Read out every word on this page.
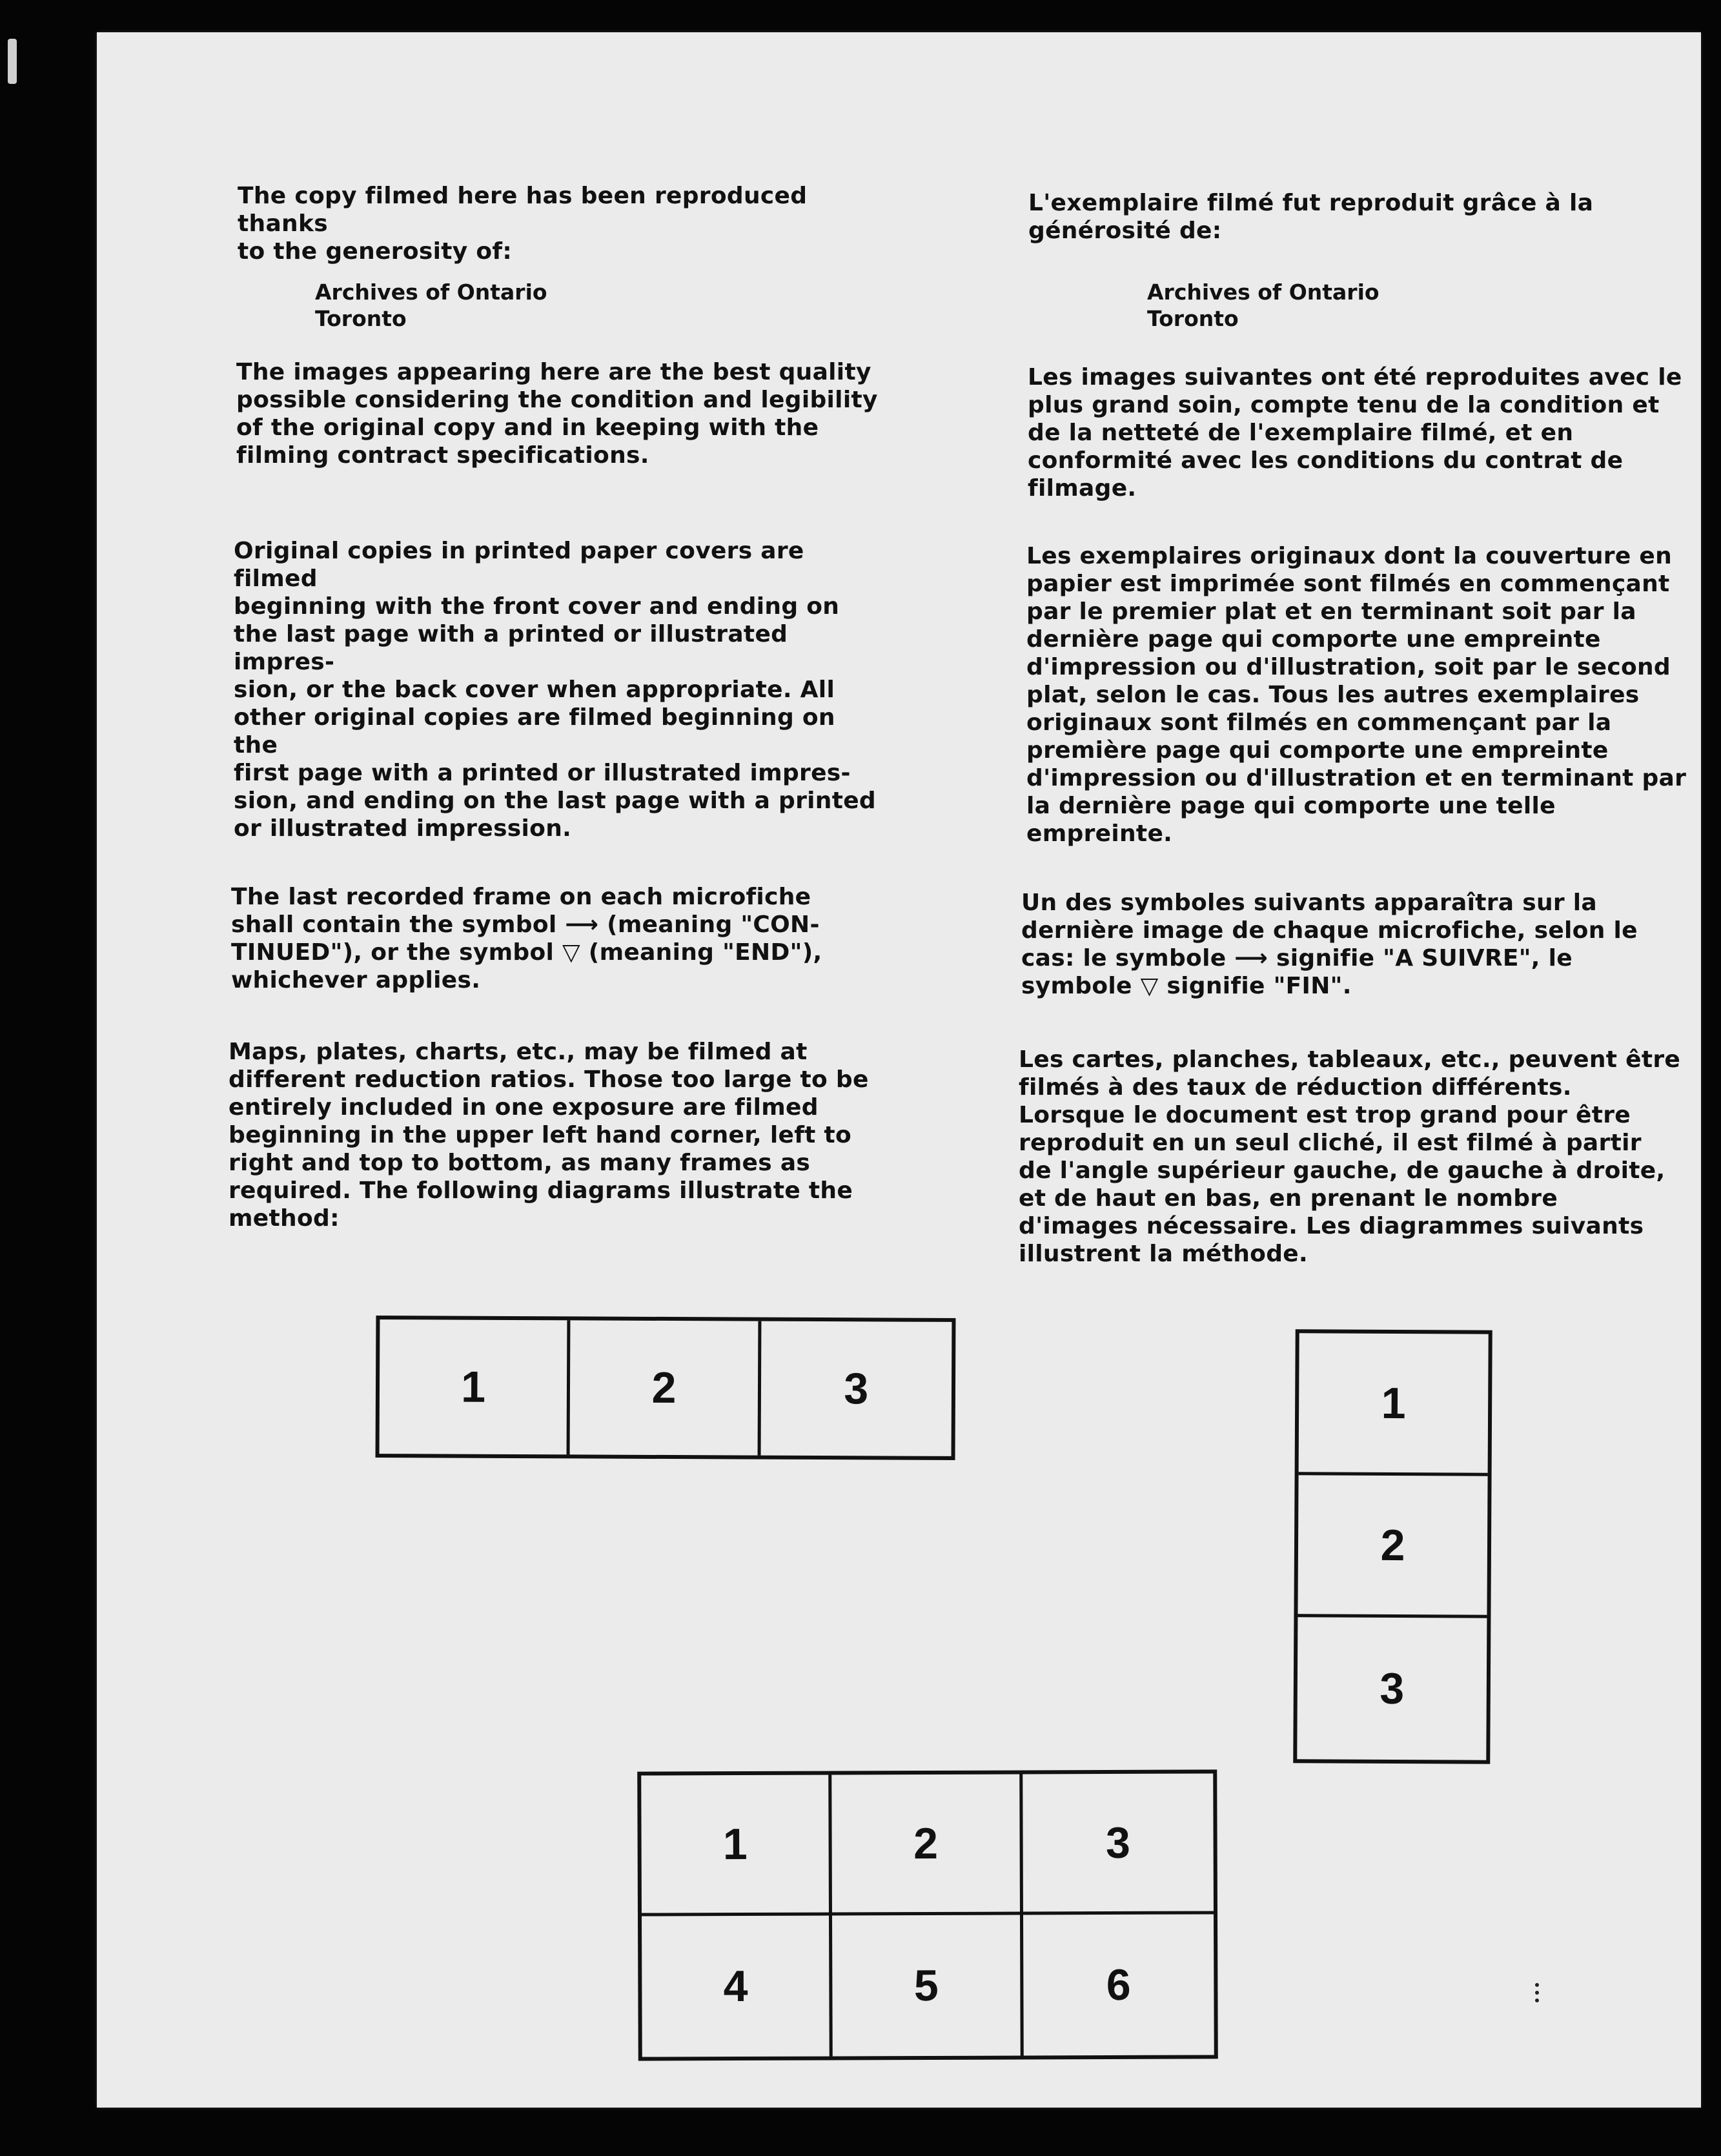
The copy filmed here has been reproduced thanks
to the generosity of:

Archives of Ontario
Toronto

The images appearing here are the best quality
possible considering the condition and legibility
of the original copy and in keeping with the
filming contract specifications.

Original copies in printed paper covers are filmed
beginning with the front cover and ending on
the last page with a printed or illustrated impres-
sion, or the back cover when appropriate. All
other original copies are filmed beginning on the
first page with a printed or illustrated impres-
sion, and ending on the last page with a printed
or illustrated impression.

The last recorded frame on each microfiche
shall contain the symbol ⟶ (meaning "CON-
TINUED"), or the symbol ▽ (meaning "END"),
whichever applies.

Maps, plates, charts, etc., may be filmed at
different reduction ratios. Those too large to be
entirely included in one exposure are filmed
beginning in the upper left hand corner, left to
right and top to bottom, as many frames as
required. The following diagrams illustrate the
method:

L'exemplaire filmé fut reproduit grâce à la
générosité de:

Archives of Ontario
Toronto

Les images suivantes ont été reproduites avec le
plus grand soin, compte tenu de la condition et
de la netteté de l'exemplaire filmé, et en
conformité avec les conditions du contrat de
filmage.

Les exemplaires originaux dont la couverture en
papier est imprimée sont filmés en commençant
par le premier plat et en terminant soit par la
dernière page qui comporte une empreinte
d'impression ou d'illustration, soit par le second
plat, selon le cas. Tous les autres exemplaires
originaux sont filmés en commençant par la
première page qui comporte une empreinte
d'impression ou d'illustration et en terminant par
la dernière page qui comporte une telle
empreinte.

Un des symboles suivants apparaîtra sur la
dernière image de chaque microfiche, selon le
cas: le symbole ⟶ signifie "A SUIVRE", le
symbole ▽ signifie "FIN".

Les cartes, planches, tableaux, etc., peuvent être
filmés à des taux de réduction différents.
Lorsque le document est trop grand pour être
reproduit en un seul cliché, il est filmé à partir
de l'angle supérieur gauche, de gauche à droite,
et de haut en bas, en prenant le nombre
d'images nécessaire. Les diagrammes suivants
illustrent la méthode.

1	2	3	1
2
3
1	2	3
4	5	6
